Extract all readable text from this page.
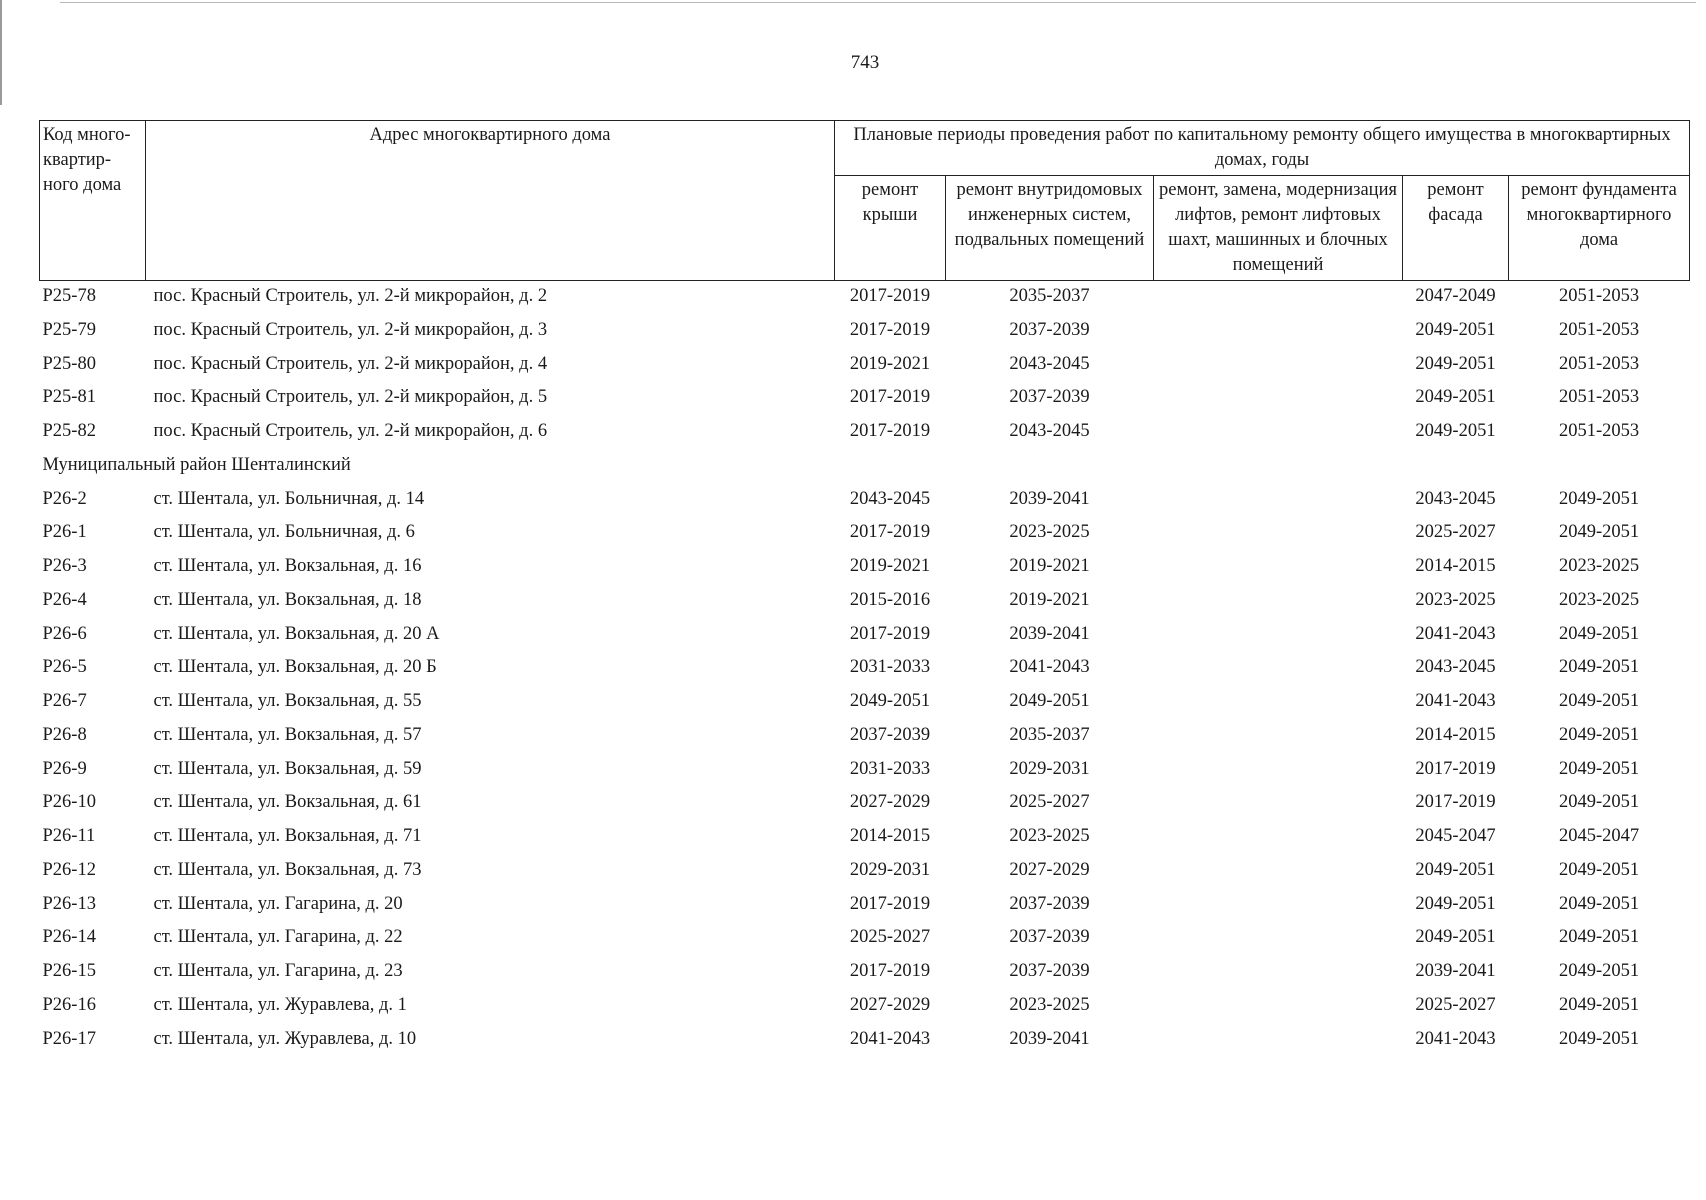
743
Код много-квартир-ного дома	Адрес многоквартирного дома	Плановые периоды проведения работ по капитальному ремонту общего имущества в многоквартирных домах, годы				
		ремонт крыши	ремонт внутридомовых инженерных систем, подвальных помещений	ремонт, замена, модернизация лифтов, ремонт лифтовых шахт, машинных и блочных помещений	ремонт фасада	ремонт фундамента многоквартирного дома
P25-78	пос. Красный Строитель, ул. 2-й микрорайон, д. 2	2017-2019	2035-2037		2047-2049	2051-2053
P25-79	пос. Красный Строитель, ул. 2-й микрорайон, д. 3	2017-2019	2037-2039		2049-2051	2051-2053
P25-80	пос. Красный Строитель, ул. 2-й микрорайон, д. 4	2019-2021	2043-2045		2049-2051	2051-2053
P25-81	пос. Красный Строитель, ул. 2-й микрорайон, д. 5	2017-2019	2037-2039		2049-2051	2051-2053
P25-82	пос. Красный Строитель, ул. 2-й микрорайон, д. 6	2017-2019	2043-2045		2049-2051	2051-2053
Муниципальный район Шенталинский						
P26-2	ст. Шентала, ул. Больничная, д. 14	2043-2045	2039-2041		2043-2045	2049-2051
P26-1	ст. Шентала, ул. Больничная, д. 6	2017-2019	2023-2025		2025-2027	2049-2051
P26-3	ст. Шентала, ул. Вокзальная, д. 16	2019-2021	2019-2021		2014-2015	2023-2025
P26-4	ст. Шентала, ул. Вокзальная, д. 18	2015-2016	2019-2021		2023-2025	2023-2025
P26-6	ст. Шентала, ул. Вокзальная, д. 20 А	2017-2019	2039-2041		2041-2043	2049-2051
P26-5	ст. Шентала, ул. Вокзальная, д. 20 Б	2031-2033	2041-2043		2043-2045	2049-2051
P26-7	ст. Шентала, ул. Вокзальная, д. 55	2049-2051	2049-2051		2041-2043	2049-2051
P26-8	ст. Шентала, ул. Вокзальная, д. 57	2037-2039	2035-2037		2014-2015	2049-2051
P26-9	ст. Шентала, ул. Вокзальная, д. 59	2031-2033	2029-2031		2017-2019	2049-2051
P26-10	ст. Шентала, ул. Вокзальная, д. 61	2027-2029	2025-2027		2017-2019	2049-2051
P26-11	ст. Шентала, ул. Вокзальная, д. 71	2014-2015	2023-2025		2045-2047	2045-2047
P26-12	ст. Шентала, ул. Вокзальная, д. 73	2029-2031	2027-2029		2049-2051	2049-2051
P26-13	ст. Шентала, ул. Гагарина, д. 20	2017-2019	2037-2039		2049-2051	2049-2051
P26-14	ст. Шентала, ул. Гагарина, д. 22	2025-2027	2037-2039		2049-2051	2049-2051
P26-15	ст. Шентала, ул. Гагарина, д. 23	2017-2019	2037-2039		2039-2041	2049-2051
P26-16	ст. Шентала, ул. Журавлева, д. 1	2027-2029	2023-2025		2025-2027	2049-2051
P26-17	ст. Шентала, ул. Журавлева, д. 10	2041-2043	2039-2041		2041-2043	2049-2051
